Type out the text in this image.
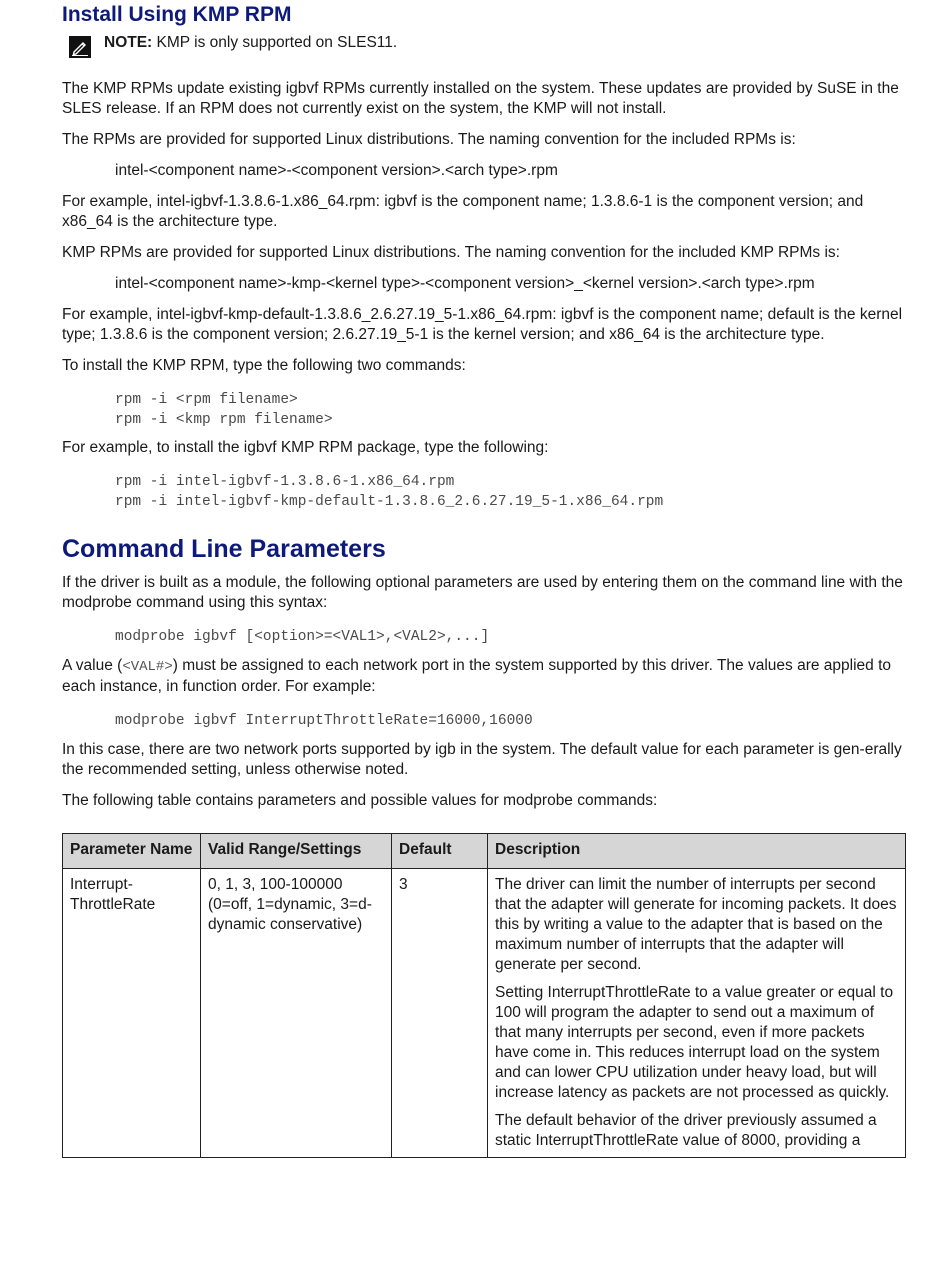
Install Using KMP RPM
NOTE: KMP is only supported on SLES11.

The KMP RPMs update existing igbvf RPMs currently installed on the system. These updates are provided by SuSE in the SLES release. If an RPM does not currently exist on the system, the KMP will not install.

The RPMs are provided for supported Linux distributions. The naming convention for the included RPMs is:

intel-<component name>-<component version>.<arch type>.rpm

For example, intel-igbvf-1.3.8.6-1.x86_64.rpm: igbvf is the component name; 1.3.8.6-1 is the component version; and x86_64 is the architecture type.

KMP RPMs are provided for supported Linux distributions. The naming convention for the included KMP RPMs is:

intel-<component name>-kmp-<kernel type>-<component version>_<kernel version>.<arch type>.rpm

For example, intel-igbvf-kmp-default-1.3.8.6_2.6.27.19_5-1.x86_64.rpm: igbvf is the component name; default is the kernel type; 1.3.8.6 is the component version; 2.6.27.19_5-1 is the kernel version; and x86_64 is the architecture type.

To install the KMP RPM, type the following two commands:

rpm -i <rpm filename>
rpm -i <kmp rpm filename>

For example, to install the igbvf KMP RPM package, type the following:

rpm -i intel-igbvf-1.3.8.6-1.x86_64.rpm
rpm -i intel-igbvf-kmp-default-1.3.8.6_2.6.27.19_5-1.x86_64.rpm
Command Line Parameters

If the driver is built as a module, the following optional parameters are used by entering them on the command line with the modprobe command using this syntax:

modprobe igbvf [<option>=<VAL1>,<VAL2>,...]

A value (<VAL#>) must be assigned to each network port in the system supported by this driver. The values are applied to each instance, in function order. For example:

modprobe igbvf InterruptThrottleRate=16000,16000

In this case, there are two network ports supported by igb in the system. The default value for each parameter is gen-erally the recommended setting, unless otherwise noted.

The following table contains parameters and possible values for modprobe commands:

Parameter Name	Valid Range/Settings	Default	Description
Interrupt-ThrottleRate	0, 1, 3, 100-100000 (0=off, 1=dynamic, 3=d-dynamic conservative)	3	The driver can limit the number of interrupts per second that the adapter will generate for incoming packets. It does this by writing a value to the adapter that is based on the maximum number of interrupts that the adapter will generate per second.

Setting InterruptThrottleRate to a value greater or equal to 100 will program the adapter to send out a maximum of that many interrupts per second, even if more packets have come in. This reduces interrupt load on the system and can lower CPU utilization under heavy load, but will increase latency as packets are not processed as quickly.

The default behavior of the driver previously assumed a static InterruptThrottleRate value of 8000, providing a
